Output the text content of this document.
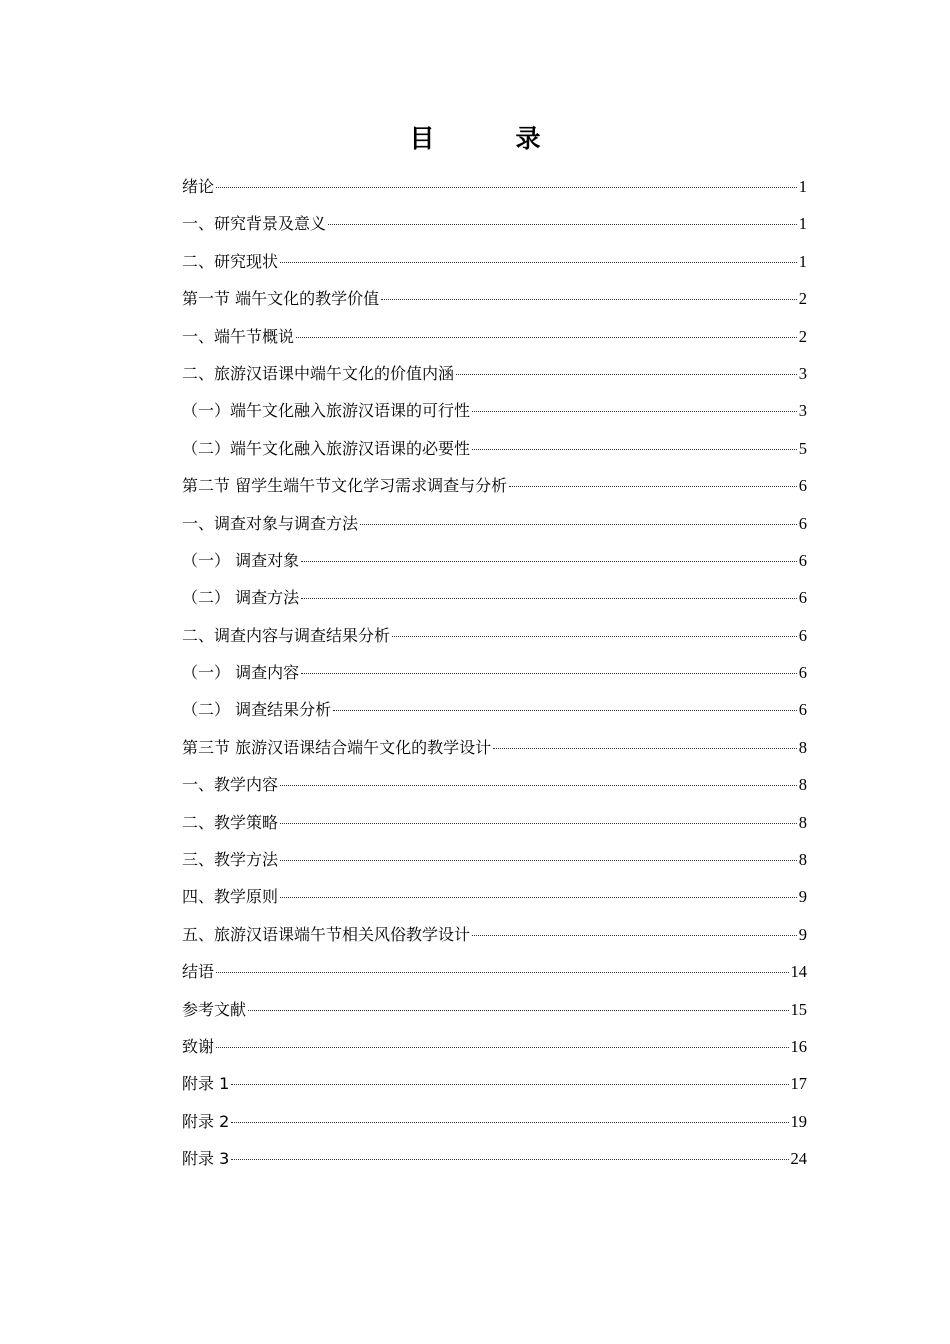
目　录
绪论	1
一、研究背景及意义	1
二、研究现状	1
第一节 端午文化的教学价值	2
一、端午节概说	2
二、旅游汉语课中端午文化的价值内涵	3
（一）端午文化融入旅游汉语课的可行性	3
（二）端午文化融入旅游汉语课的必要性	5
第二节 留学生端午节文化学习需求调查与分析	6
一、调查对象与调查方法	6
（一） 调查对象	6
（二） 调查方法	6
二、调查内容与调查结果分析	6
（一） 调查内容	6
（二） 调查结果分析	6
第三节 旅游汉语课结合端午文化的教学设计	8
一、教学内容	8
二、教学策略	8
三、教学方法	8
四、教学原则	9
五、旅游汉语课端午节相关风俗教学设计	9
结语	14
参考文献	15
致谢	16
附录 1	17
附录 2	19
附录 3	24
